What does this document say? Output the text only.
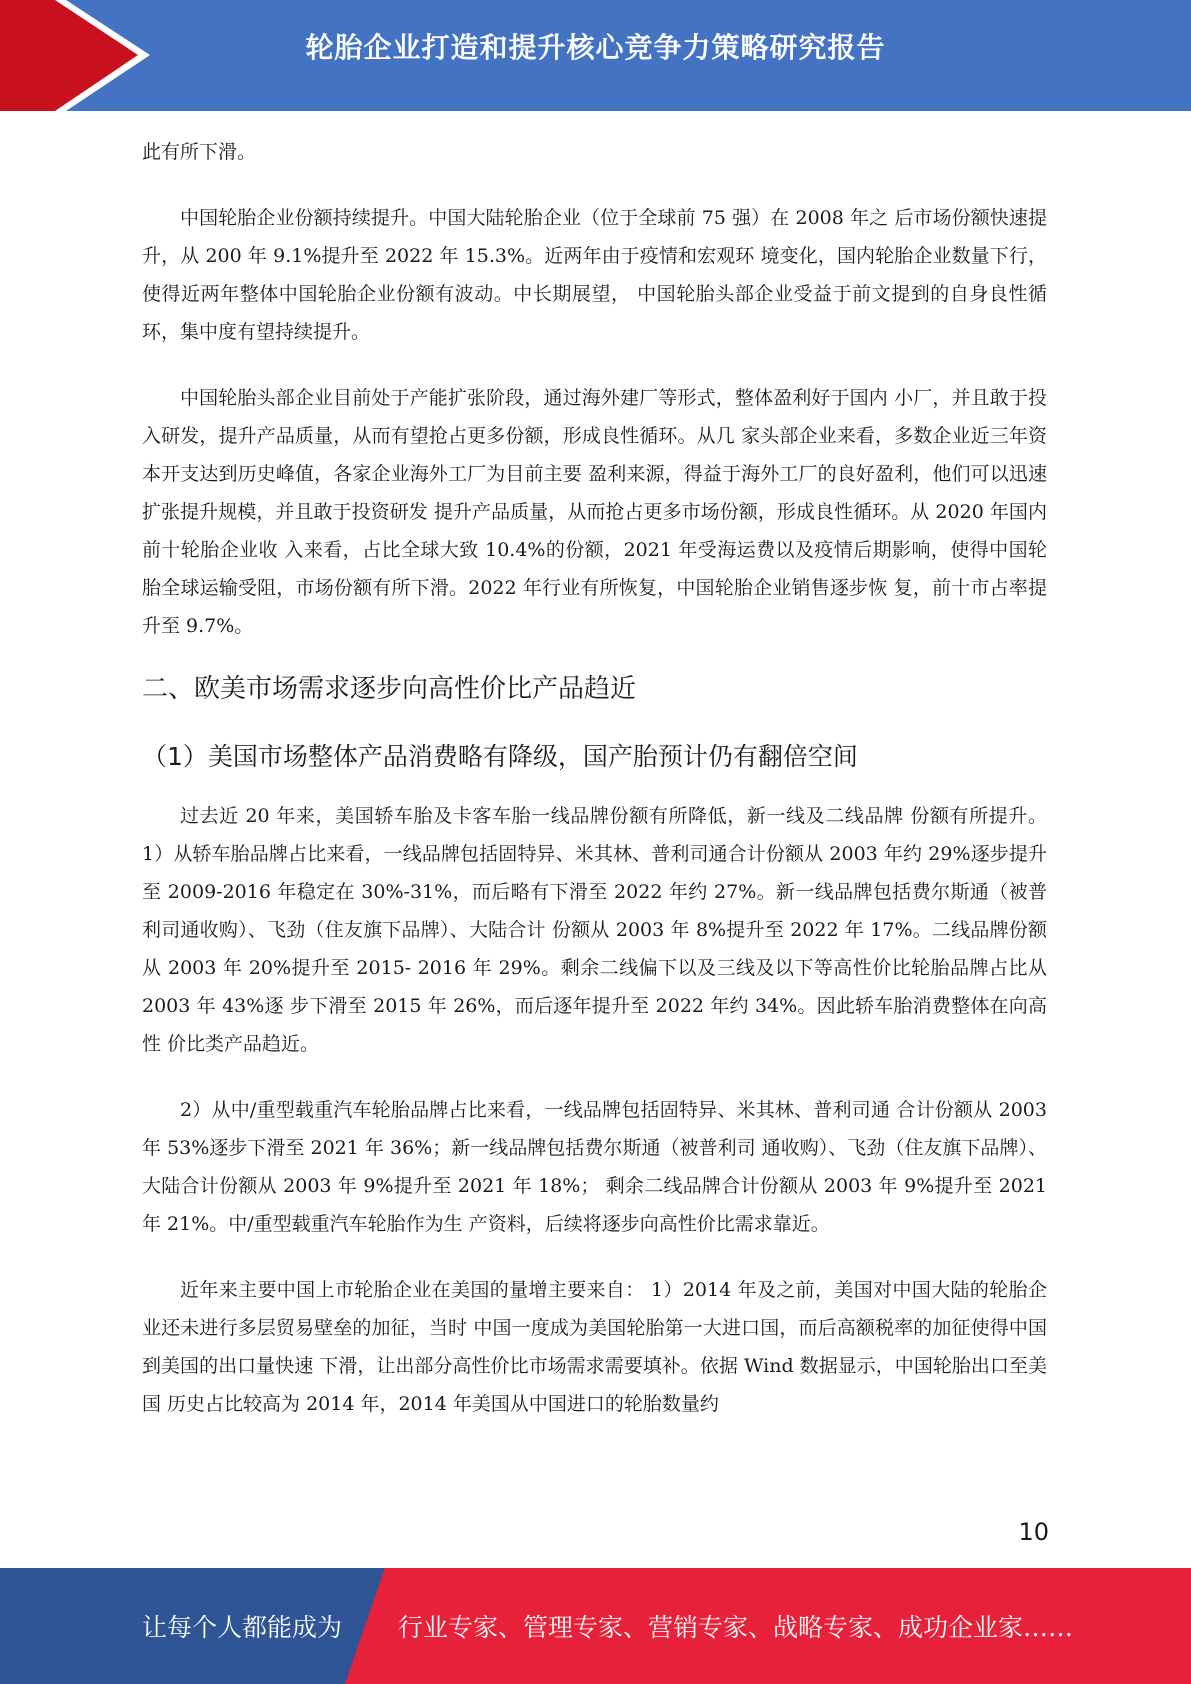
轮胎企业打造和提升核心竞争力策略研究报告

此有所下滑。

中国轮胎企业份额持续提升。中国大陆轮胎企业（位于全球前 75 强）在 2008 年之 后市场份额快速提升，从 200 年 9.1%提升至 2022 年 15.3%。近两年由于疫情和宏观环 境变化，国内轮胎企业数量下行，使得近两年整体中国轮胎企业份额有波动。中长期展望， 中国轮胎头部企业受益于前文提到的自身良性循环，集中度有望持续提升。

中国轮胎头部企业目前处于产能扩张阶段，通过海外建厂等形式，整体盈利好于国内 小厂，并且敢于投入研发，提升产品质量，从而有望抢占更多份额，形成良性循环。从几 家头部企业来看，多数企业近三年资本开支达到历史峰值，各家企业海外工厂为目前主要 盈利来源，得益于海外工厂的良好盈利，他们可以迅速扩张提升规模，并且敢于投资研发 提升产品质量，从而抢占更多市场份额，形成良性循环。从 2020 年国内前十轮胎企业收 入来看，占比全球大致 10.4%的份额，2021 年受海运费以及疫情后期影响，使得中国轮 胎全球运输受阻，市场份额有所下滑。2022 年行业有所恢复，中国轮胎企业销售逐步恢 复，前十市占率提升至 9.7%。

二、欧美市场需求逐步向高性价比产品趋近
（1）美国市场整体产品消费略有降级，国产胎预计仍有翻倍空间

过去近 20 年来，美国轿车胎及卡客车胎一线品牌份额有所降低，新一线及二线品牌 份额有所提升。 1）从轿车胎品牌占比来看，一线品牌包括固特异、米其林、普利司通合计份额从 2003 年约 29%逐步提升至 2009-2016 年稳定在 30%-31%，而后略有下滑至 2022 年约 27%。新一线品牌包括费尔斯通（被普利司通收购）、飞劲（住友旗下品牌）、大陆合计 份额从 2003 年 8%提升至 2022 年 17%。二线品牌份额从 2003 年 20%提升至 2015- 2016 年 29%。剩余二线偏下以及三线及以下等高性价比轮胎品牌占比从 2003 年 43%逐 步下滑至 2015 年 26%，而后逐年提升至 2022 年约 34%。因此轿车胎消费整体在向高性 价比类产品趋近。

2）从中/重型载重汽车轮胎品牌占比来看，一线品牌包括固特异、米其林、普利司通 合计份额从 2003 年 53%逐步下滑至 2021 年 36%；新一线品牌包括费尔斯通（被普利司 通收购）、飞劲（住友旗下品牌）、大陆合计份额从 2003 年 9%提升至 2021 年 18%； 剩余二线品牌合计份额从 2003 年 9%提升至 2021 年 21%。中/重型载重汽车轮胎作为生 产资料，后续将逐步向高性价比需求靠近。

近年来主要中国上市轮胎企业在美国的量增主要来自： 1）2014 年及之前，美国对中国大陆的轮胎企业还未进行多层贸易壁垒的加征，当时 中国一度成为美国轮胎第一大进口国，而后高额税率的加征使得中国到美国的出口量快速 下滑，让出部分高性价比市场需求需要填补。依据 Wind 数据显示，中国轮胎出口至美国 历史占比较高为 2014 年，2014 年美国从中国进口的轮胎数量约

10
让每个人都能成为 行业专家、管理专家、营销专家、战略专家、成功企业家……
